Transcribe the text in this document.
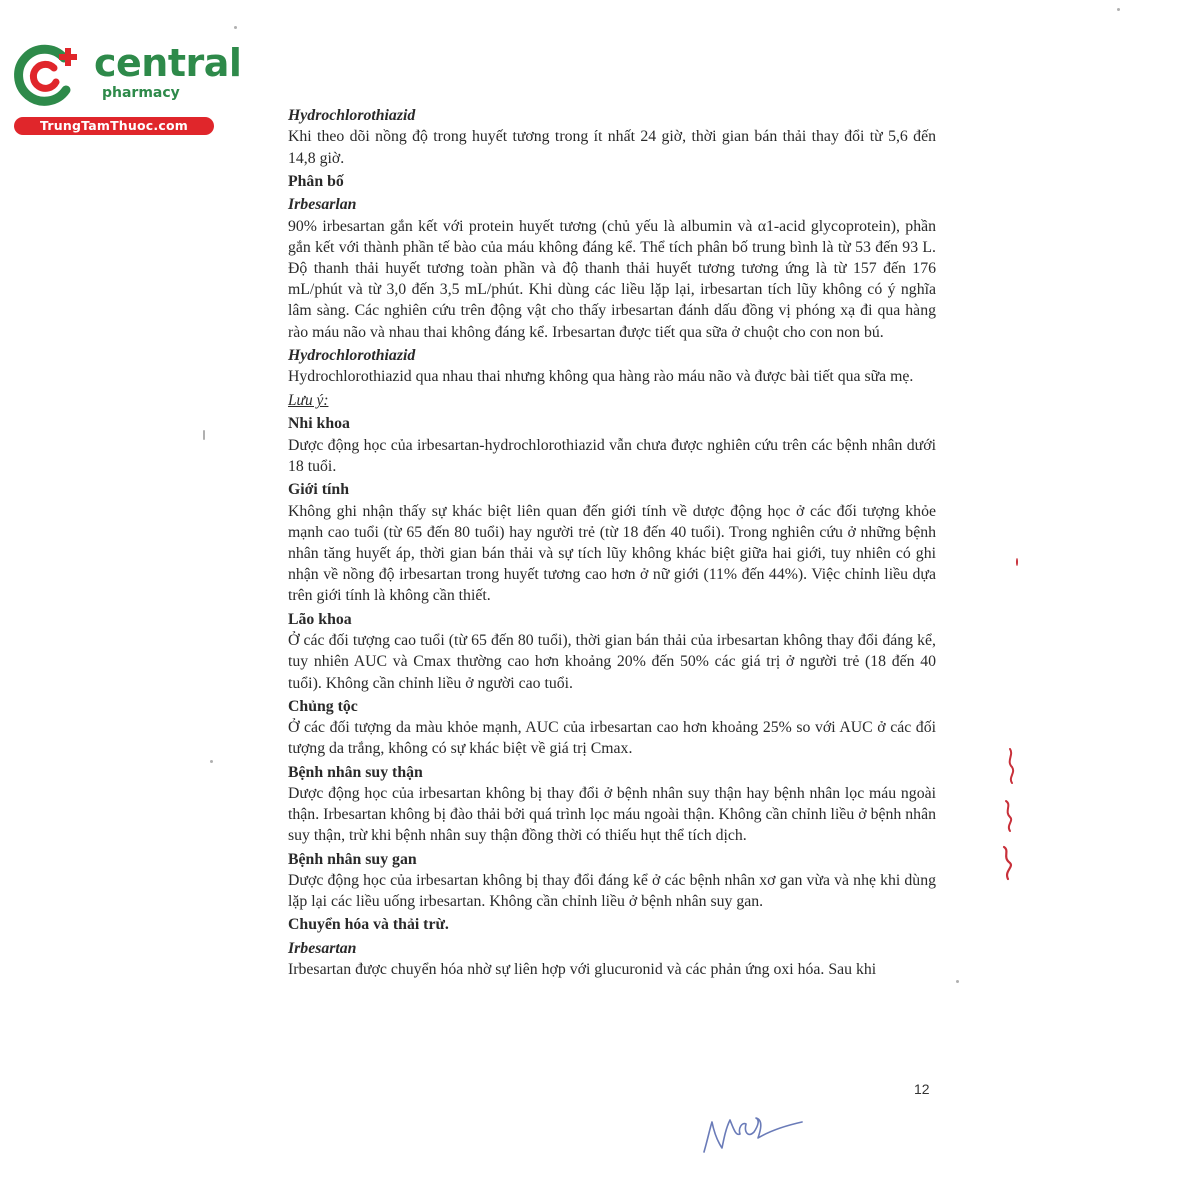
central
pharmacy
TrungTamThuoc.com
Hydrochlorothiazid

Khi theo dõi nồng độ trong huyết tương trong ít nhất 24 giờ, thời gian bán thải thay đổi từ 5,6 đến 14,8 giờ.

Phân bố
Irbesarlan

90% irbesartan gắn kết với protein huyết tương (chủ yếu là albumin và α1-acid glycoprotein), phần gắn kết với thành phần tế bào của máu không đáng kể. Thể tích phân bố trung bình là từ 53 đến 93 L. Độ thanh thải huyết tương toàn phần và độ thanh thải huyết tương tương ứng là từ 157 đến 176 mL/phút và từ 3,0 đến 3,5 mL/phút. Khi dùng các liều lặp lại, irbesartan tích lũy không có ý nghĩa lâm sàng. Các nghiên cứu trên động vật cho thấy irbesartan đánh dấu đồng vị phóng xạ đi qua hàng rào máu não và nhau thai không đáng kể. Irbesartan được tiết qua sữa ở chuột cho con non bú.

Hydrochlorothiazid

Hydrochlorothiazid qua nhau thai nhưng không qua hàng rào máu não và được bài tiết qua sữa mẹ.

Lưu ý:
Nhi khoa

Dược động học của irbesartan-hydrochlorothiazid vẫn chưa được nghiên cứu trên các bệnh nhân dưới 18 tuổi.

Giới tính

Không ghi nhận thấy sự khác biệt liên quan đến giới tính về dược động học ở các đối tượng khỏe mạnh cao tuổi (từ 65 đến 80 tuổi) hay người trẻ (từ 18 đến 40 tuổi). Trong nghiên cứu ở những bệnh nhân tăng huyết áp, thời gian bán thải và sự tích lũy không khác biệt giữa hai giới, tuy nhiên có ghi nhận về nồng độ irbesartan trong huyết tương cao hơn ở nữ giới (11% đến 44%). Việc chỉnh liều dựa trên giới tính là không cần thiết.

Lão khoa

Ở các đối tượng cao tuổi (từ 65 đến 80 tuổi), thời gian bán thải của irbesartan không thay đổi đáng kể, tuy nhiên AUC và Cmax thường cao hơn khoảng 20% đến 50% các giá trị ở người trẻ (18 đến 40 tuổi). Không cần chỉnh liều ở người cao tuổi.

Chủng tộc

Ở các đối tượng da màu khỏe mạnh, AUC của irbesartan cao hơn khoảng 25% so với AUC ở các đối tượng da trắng, không có sự khác biệt về giá trị Cmax.

Bệnh nhân suy thận

Dược động học của irbesartan không bị thay đổi ở bệnh nhân suy thận hay bệnh nhân lọc máu ngoài thận. Irbesartan không bị đào thải bởi quá trình lọc máu ngoài thận. Không cần chỉnh liều ở bệnh nhân suy thận, trừ khi bệnh nhân suy thận đồng thời có thiếu hụt thể tích dịch.

Bệnh nhân suy gan

Dược động học của irbesartan không bị thay đổi đáng kể ở các bệnh nhân xơ gan vừa và nhẹ khi dùng lặp lại các liều uống irbesartan. Không cần chỉnh liều ở bệnh nhân suy gan.

Chuyển hóa và thải trừ.
Irbesartan

Irbesartan được chuyển hóa nhờ sự liên hợp với glucuronid và các phản ứng oxi hóa. Sau khi

12
